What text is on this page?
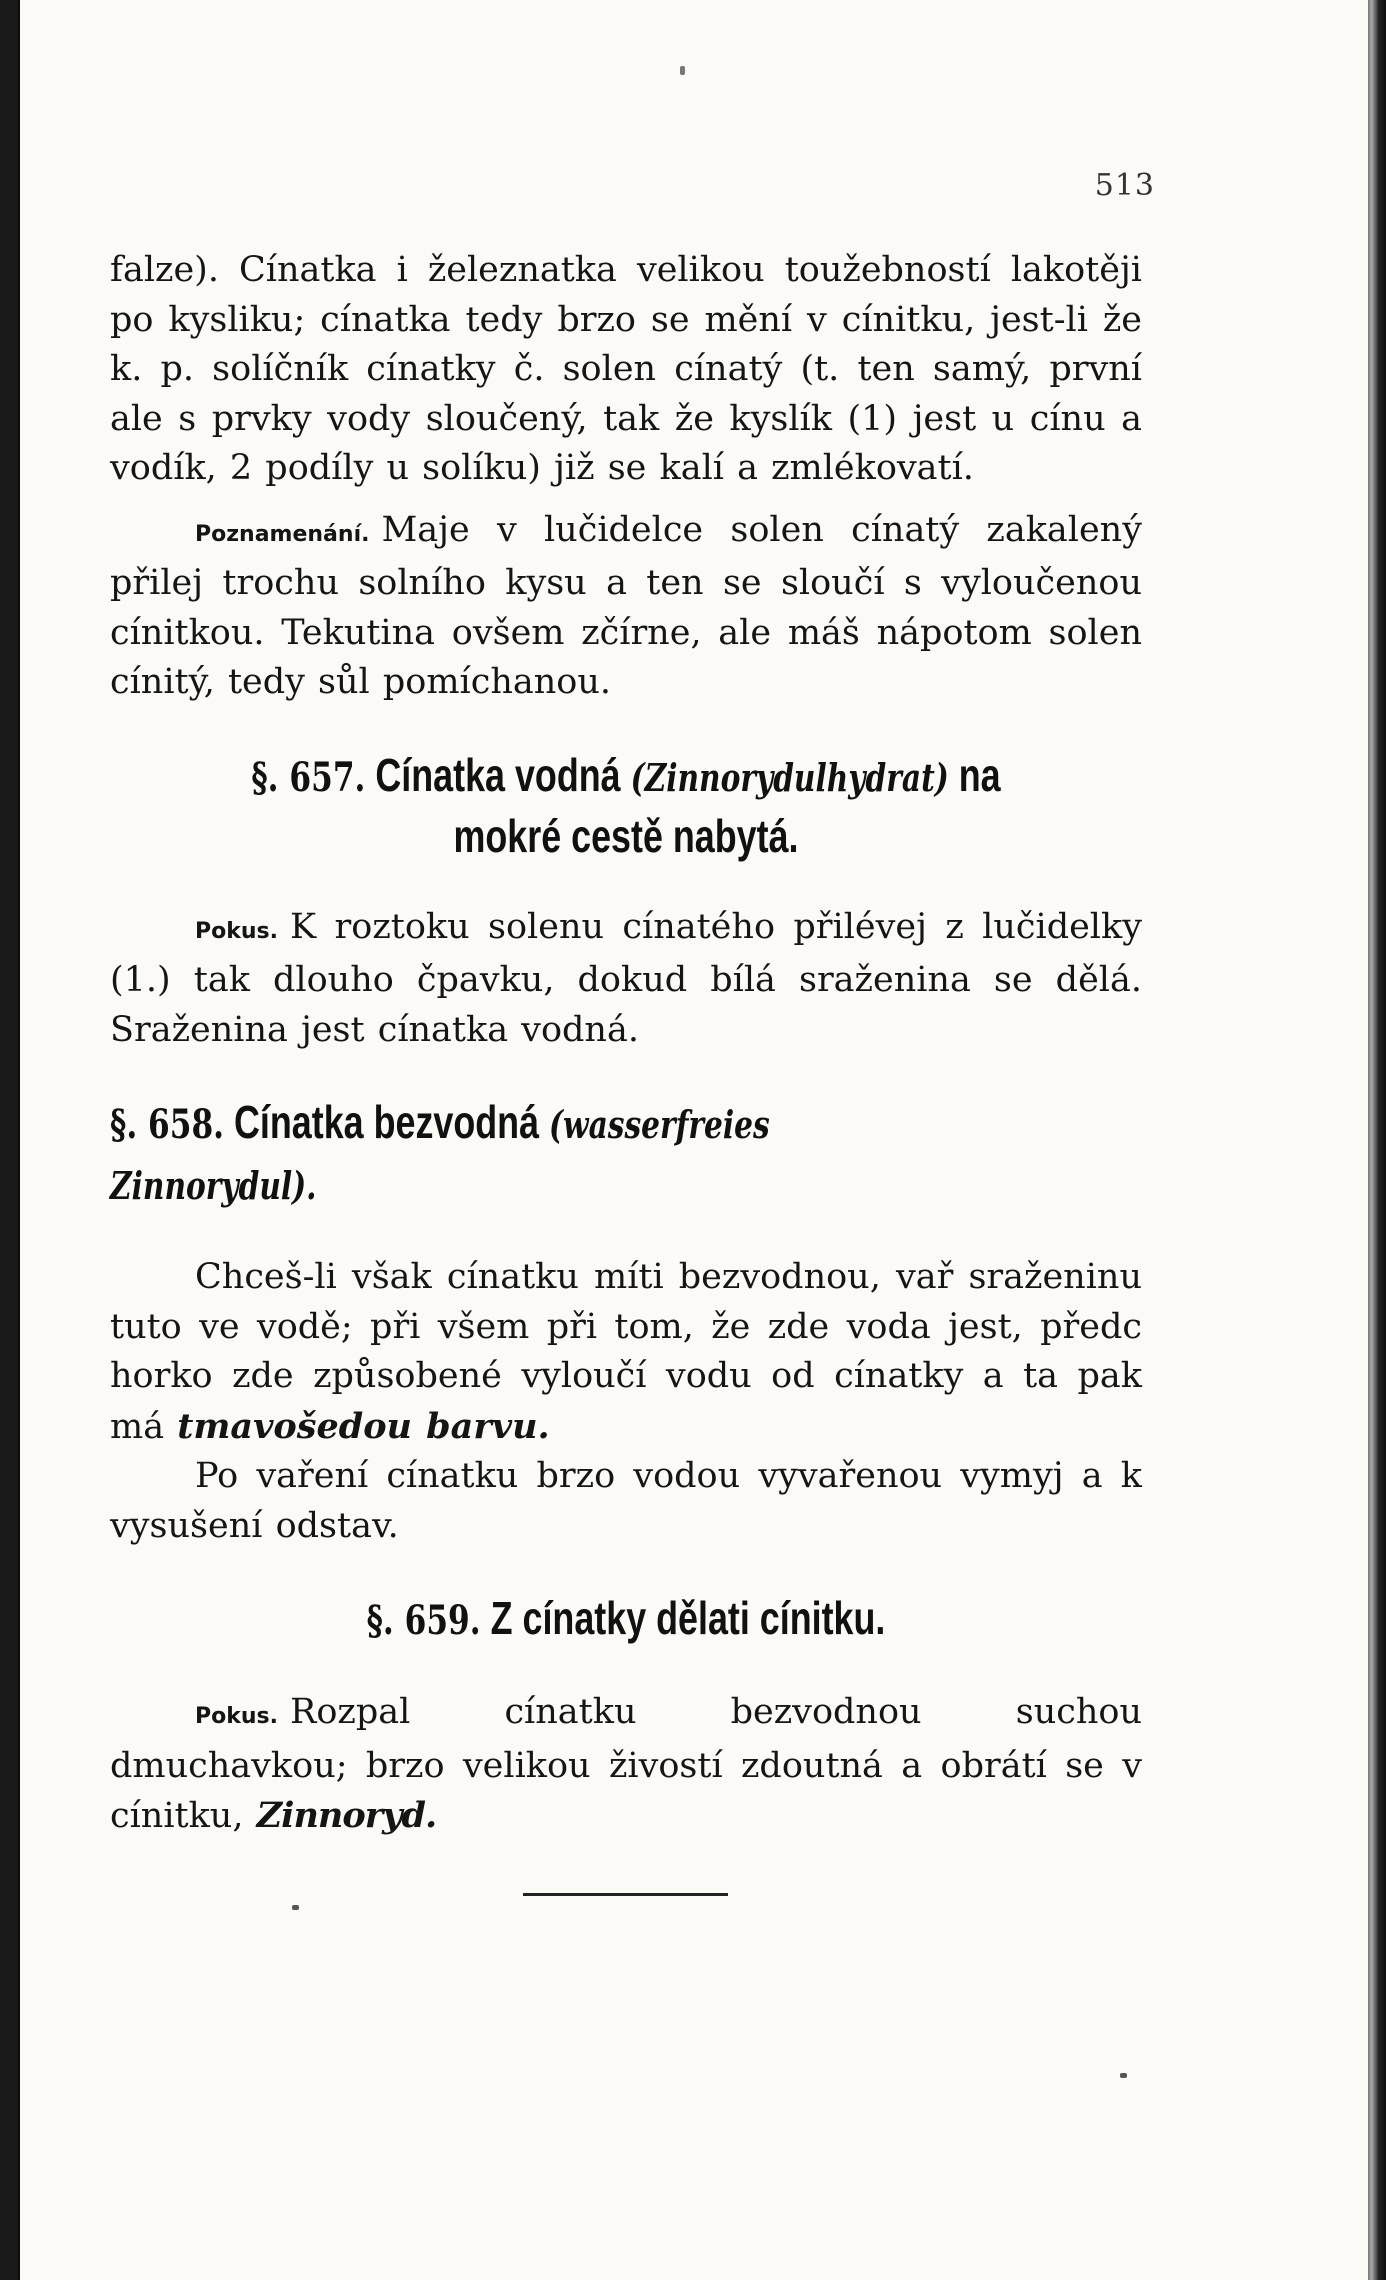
513

falze). Cínatka i železnatka velikou toužebností lakotěji po kysliku; cínatka tedy brzo se mění v cínitku, jest-li že k. p. solíčník cínatky č. solen cínatý (t. ten samý, první ale s prvky vody sloučený, tak že kyslík (1) jest u cínu a vodík, 2 podíly u solíku) již se kalí a zmlékovatí.

Poznamenání. Maje v lučidelce solen cínatý zakalený přilej trochu solního kysu a ten se sloučí s vyloučenou cínitkou. Tekutina ovšem zčírne, ale máš nápotom solen cínitý, tedy sůl pomíchanou.

§. 657. Cínatka vodná (Zinnorydulhydrat) na mokré cestě nabytá.

Pokus. K roztoku solenu cínatého přilévej z lučidelky (1.) tak dlouho čpavku, dokud bílá sraženina se dělá. Sraženina jest cínatka vodná.

§. 658. Cínatka bezvodná (wasserfreies Zinnorydul).

Chceš-li však cínatku míti bezvodnou, vař sraženinu tuto ve vodě; při všem při tom, že zde voda jest, předc horko zde způsobené vyloučí vodu od cínatky a ta pak má tmavošedou barvu.

Po vaření cínatku brzo vodou vyvařenou vymyj a k vysušení odstav.

§. 659. Z cínatky dělati cínitku.

Pokus. Rozpal cínatku bezvodnou suchou dmuchavkou; brzo velikou živostí zdoutná a obrátí se v cínitku, Zinnoryd.
